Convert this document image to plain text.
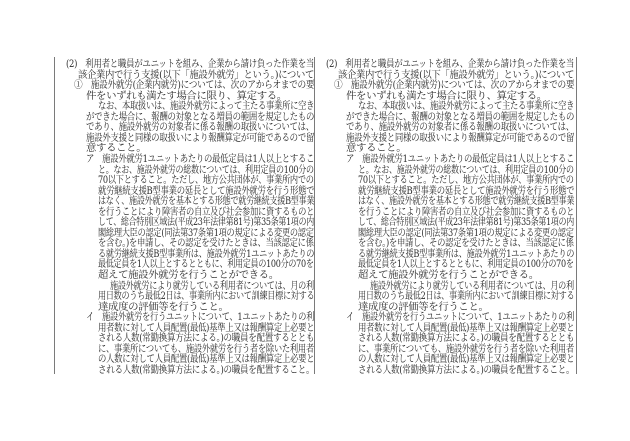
(2)　利用者と職員がユニットを組み、企業から請け負った作業を当
該企業内で行う支援(以下「施設外就労」という。)について
①　施設外就労(企業内就労)については、次のアからオまでの要
件をいずれも満たす場合に限り、算定する。
なお、本取扱いは、施設外就労によって主たる事業所に空き
ができた場合に、報酬の対象となる増員の範囲を規定したもの
であり、施設外就労の対象者に係る報酬の取扱いについては、
施設外支援と同様の取扱いにより報酬算定が可能であるので留
意すること。
ア　施設外就労1ユニットあたりの最低定員は1人以上とするこ
と。なお、施設外就労の総数については、利用定員の100分の
70以下とすること。ただし、地方公共団体が、事業所内での
就労継続支援B型事業の延長として施設外就労を行う形態で
はなく、施設外就労を基本とする形態で就労継続支援B型事業
を行うことにより障害者の自立及び社会参加に資するものと
して、総合特別区域法(平成23年法律第81号)第35条第1項の内
閣総理大臣の認定(同法第37条第1項の規定による変更の認定
を含む。)を申請し、その認定を受けたときは、当該認定に係
る就労継続支援B型事業所は、施設外就労1ユニットあたりの
最低定員を1人以上とするとともに、利用定員の100分の70を
超えて施設外就労を行うことができる。
施設外就労により就労している利用者については、月の利
用日数のうち最低2日は、事業所内において訓練目標に対する
達成度の評価等を行うこと。
イ　施設外就労を行うユニットについて、1ユニットあたりの利
用者数に対して人員配置(最低)基準上又は報酬算定上必要と
される人数(常勤換算方法による。)の職員を配置するととも
に、事業所についても、施設外就労を行う者を除いた利用者
の人数に対して人員配置(最低)基準上又は報酬算定上必要と
される人数(常勤換算方法による。)の職員を配置すること。
(2)　利用者と職員がユニットを組み、企業から請け負った作業を当
該企業内で行う支援(以下「施設外就労」という。)について
①　施設外就労(企業内就労)については、次のアからオまでの要
件をいずれも満たす場合に限り、算定する。
なお、本取扱いは、施設外就労によって主たる事業所に空き
ができた場合に、報酬の対象となる増員の範囲を規定したもの
であり、施設外就労の対象者に係る報酬の取扱いについては、
施設外支援と同様の取扱いにより報酬算定が可能であるので留
意すること。
ア　施設外就労1ユニットあたりの最低定員は1人以上とするこ
と。なお、施設外就労の総数については、利用定員の100分の
70以下とすること。ただし、地方公共団体が、事業所内での
就労継続支援B型事業の延長として施設外就労を行う形態で
はなく、施設外就労を基本とする形態で就労継続支援B型事業
を行うことにより障害者の自立及び社会参加に資するものと
して、総合特別区域法(平成23年法律第81号)第35条第1項の内
閣総理大臣の認定(同法第37条第1項の規定による変更の認定
を含む。)を申請し、その認定を受けたときは、当該認定に係
る就労継続支援B型事業所は、施設外就労1ユニットあたりの
最低定員を1人以上とするとともに、利用定員の100分の70を
超えて施設外就労を行うことができる。
施設外就労により就労している利用者については、月の利
用日数のうち最低2日は、事業所内において訓練目標に対する
達成度の評価等を行うこと。
イ　施設外就労を行うユニットについて、1ユニットあたりの利
用者数に対して人員配置(最低)基準上又は報酬算定上必要と
される人数(常勤換算方法による。)の職員を配置するととも
に、事業所についても、施設外就労を行う者を除いた利用者
の人数に対して人員配置(最低)基準上又は報酬算定上必要と
される人数(常勤換算方法による。)の職員を配置すること。
